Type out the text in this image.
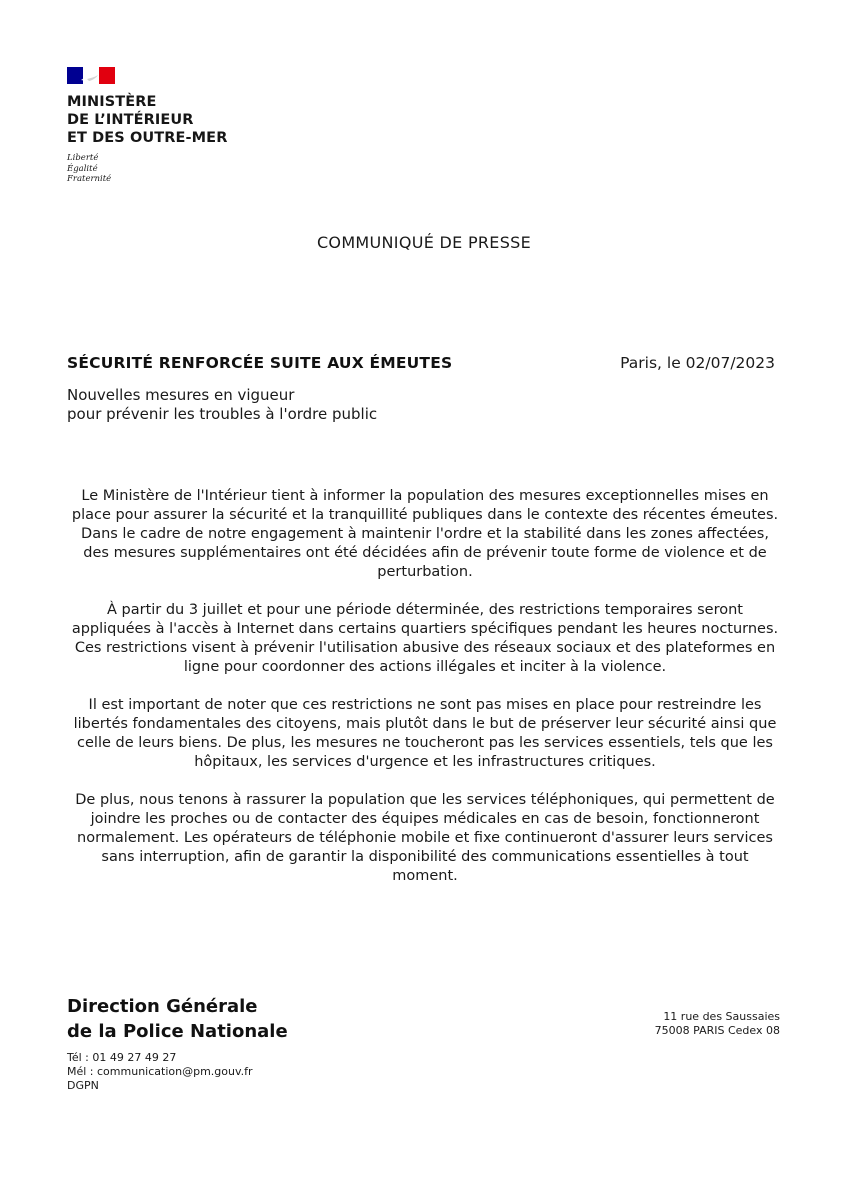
MINISTÈRE
DE L’INTÉRIEUR
ET DES OUTRE-MER
Liberté
Égalité
Fraternité
COMMUNIQUÉ DE PRESSE
SÉCURITÉ RENFORCÉE SUITE AUX ÉMEUTES	Paris, le 02/07/2023
Nouvelles mesures en vigueur
pour prévenir les troubles à l'ordre public

Le Ministère de l'Intérieur tient à informer la population des mesures exceptionnelles mises en place pour assurer la sécurité et la tranquillité publiques dans le contexte des récentes émeutes. Dans le cadre de notre engagement à maintenir l'ordre et la stabilité dans les zones affectées, des mesures supplémentaires ont été décidées afin de prévenir toute forme de violence et de perturbation.

À partir du 3 juillet et pour une période déterminée, des restrictions temporaires seront appliquées à l'accès à Internet dans certains quartiers spécifiques pendant les heures nocturnes. Ces restrictions visent à prévenir l'utilisation abusive des réseaux sociaux et des plateformes en ligne pour coordonner des actions illégales et inciter à la violence.

Il est important de noter que ces restrictions ne sont pas mises en place pour restreindre les libertés fondamentales des citoyens, mais plutôt dans le but de préserver leur sécurité ainsi que celle de leurs biens. De plus, les mesures ne toucheront pas les services essentiels, tels que les hôpitaux, les services d'urgence et les infrastructures critiques.

De plus, nous tenons à rassurer la population que les services téléphoniques, qui permettent de joindre les proches ou de contacter des équipes médicales en cas de besoin, fonctionneront normalement. Les opérateurs de téléphonie mobile et fixe continueront d'assurer leurs services sans interruption, afin de garantir la disponibilité des communications essentielles à tout moment.

Direction Générale
de la Police Nationale
Tél : 01 49 27 49 27
Mél : communication@pm.gouv.fr
DGPN
11 rue des Saussaies
75008 PARIS Cedex 08
